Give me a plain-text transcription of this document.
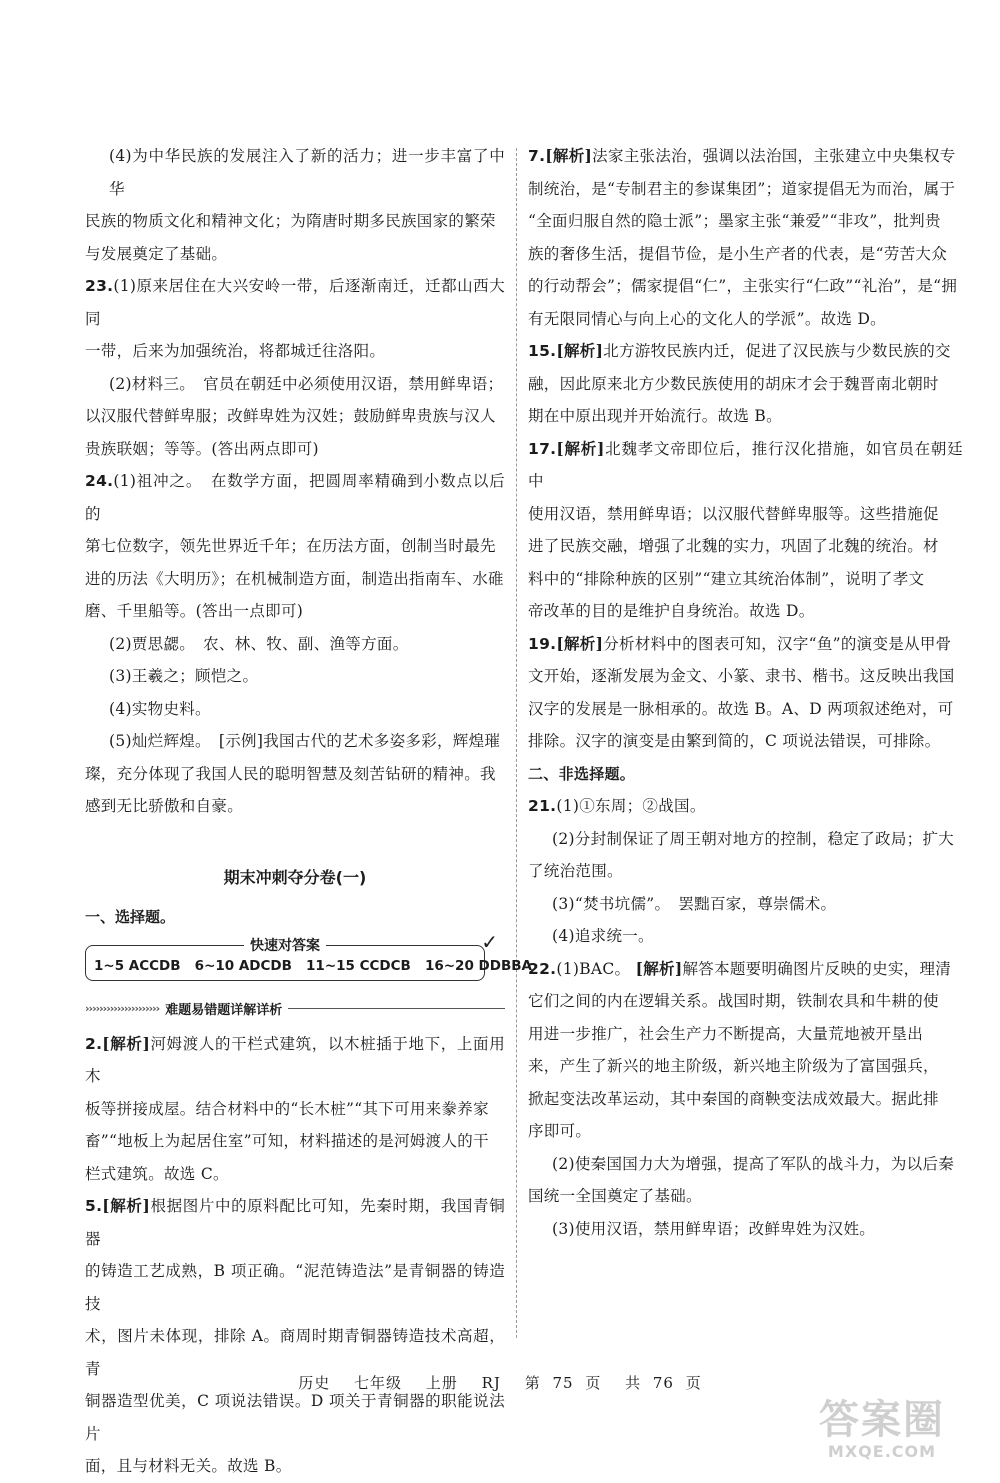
(4)为中华民族的发展注入了新的活力；进一步丰富了中华

民族的物质文化和精神文化；为隋唐时期多民族国家的繁荣

与发展奠定了基础。

23.(1)原来居住在大兴安岭一带，后逐渐南迁，迁都山西大同

一带，后来为加强统治，将都城迁往洛阳。

(2)材料三。　官员在朝廷中必须使用汉语，禁用鲜卑语；

以汉服代替鲜卑服；改鲜卑姓为汉姓；鼓励鲜卑贵族与汉人

贵族联姻；等等。(答出两点即可)

24.(1)祖冲之。　在数学方面，把圆周率精确到小数点以后的

第七位数字，领先世界近千年；在历法方面，创制当时最先

进的历法《大明历》；在机械制造方面，制造出指南车、水碓

磨、千里船等。(答出一点即可)

(2)贾思勰。　农、林、牧、副、渔等方面。

(3)王羲之；顾恺之。

(4)实物史料。

(5)灿烂辉煌。　[示例]我国古代的艺术多姿多彩，辉煌璀

璨，充分体现了我国人民的聪明智慧及刻苦钻研的精神。我

感到无比骄傲和自豪。

期末冲刺夺分卷(一)
一、选择题。
快速对答案	✓
1~5 ACCDB 6~10 ADCDB 11~15 CCDCB 16~20 DDBBA
››››››››››››››››››››› 难题易错题详解详析

2.[解析]河姆渡人的干栏式建筑，以木桩插于地下，上面用木

板等拼接成屋。结合材料中的“长木桩”“其下可用来豢养家

畜”“地板上为起居住室”可知，材料描述的是河姆渡人的干

栏式建筑。故选 C。

5.[解析]根据图片中的原料配比可知，先秦时期，我国青铜器

的铸造工艺成熟，B 项正确。“泥范铸造法”是青铜器的铸造技

术，图片未体现，排除 A。商周时期青铜器铸造技术高超，青

铜器造型优美，C 项说法错误。D 项关于青铜器的职能说法片

面，且与材料无关。故选 B。

7.[解析]法家主张法治，强调以法治国，主张建立中央集权专

制统治，是“专制君主的参谋集团”；道家提倡无为而治，属于

“全面归服自然的隐士派”；墨家主张“兼爱”“非攻”，批判贵

族的奢侈生活，提倡节俭，是小生产者的代表，是“劳苦大众

的行动帮会”；儒家提倡“仁”，主张实行“仁政”“礼治”，是“拥

有无限同情心与向上心的文化人的学派”。故选 D。

15.[解析]北方游牧民族内迁，促进了汉民族与少数民族的交

融，因此原来北方少数民族使用的胡床才会于魏晋南北朝时

期在中原出现并开始流行。故选 B。

17.[解析]北魏孝文帝即位后，推行汉化措施，如官员在朝廷中

使用汉语，禁用鲜卑语；以汉服代替鲜卑服等。这些措施促

进了民族交融，增强了北魏的实力，巩固了北魏的统治。材

料中的“排除种族的区别”“建立其统治体制”，说明了孝文

帝改革的目的是维护自身统治。故选 D。

19.[解析]分析材料中的图表可知，汉字“鱼”的演变是从甲骨

文开始，逐渐发展为金文、小篆、隶书、楷书。这反映出我国

汉字的发展是一脉相承的。故选 B。A、D 两项叙述绝对，可

排除。汉字的演变是由繁到简的，C 项说法错误，可排除。

二、非选择题。

21.(1)①东周；②战国。

(2)分封制保证了周王朝对地方的控制，稳定了政局；扩大

了统治范围。

(3)“焚书坑儒”。　罢黜百家，尊崇儒术。

(4)追求统一。

22.(1)BAC。 [解析]解答本题要明确图片反映的史实，理清

它们之间的内在逻辑关系。战国时期，铁制农具和牛耕的使

用进一步推广，社会生产力不断提高，大量荒地被开垦出

来，产生了新兴的地主阶级，新兴地主阶级为了富国强兵，

掀起变法改革运动，其中秦国的商鞅变法成效最大。据此排

序即可。

(2)使秦国国力大为增强，提高了军队的战斗力，为以后秦

国统一全国奠定了基础。

(3)使用汉语，禁用鲜卑语；改鲜卑姓为汉姓。

历史 七年级 上册 RJ 第 75 页 共 76 页
答案圈
MXQE.COM
